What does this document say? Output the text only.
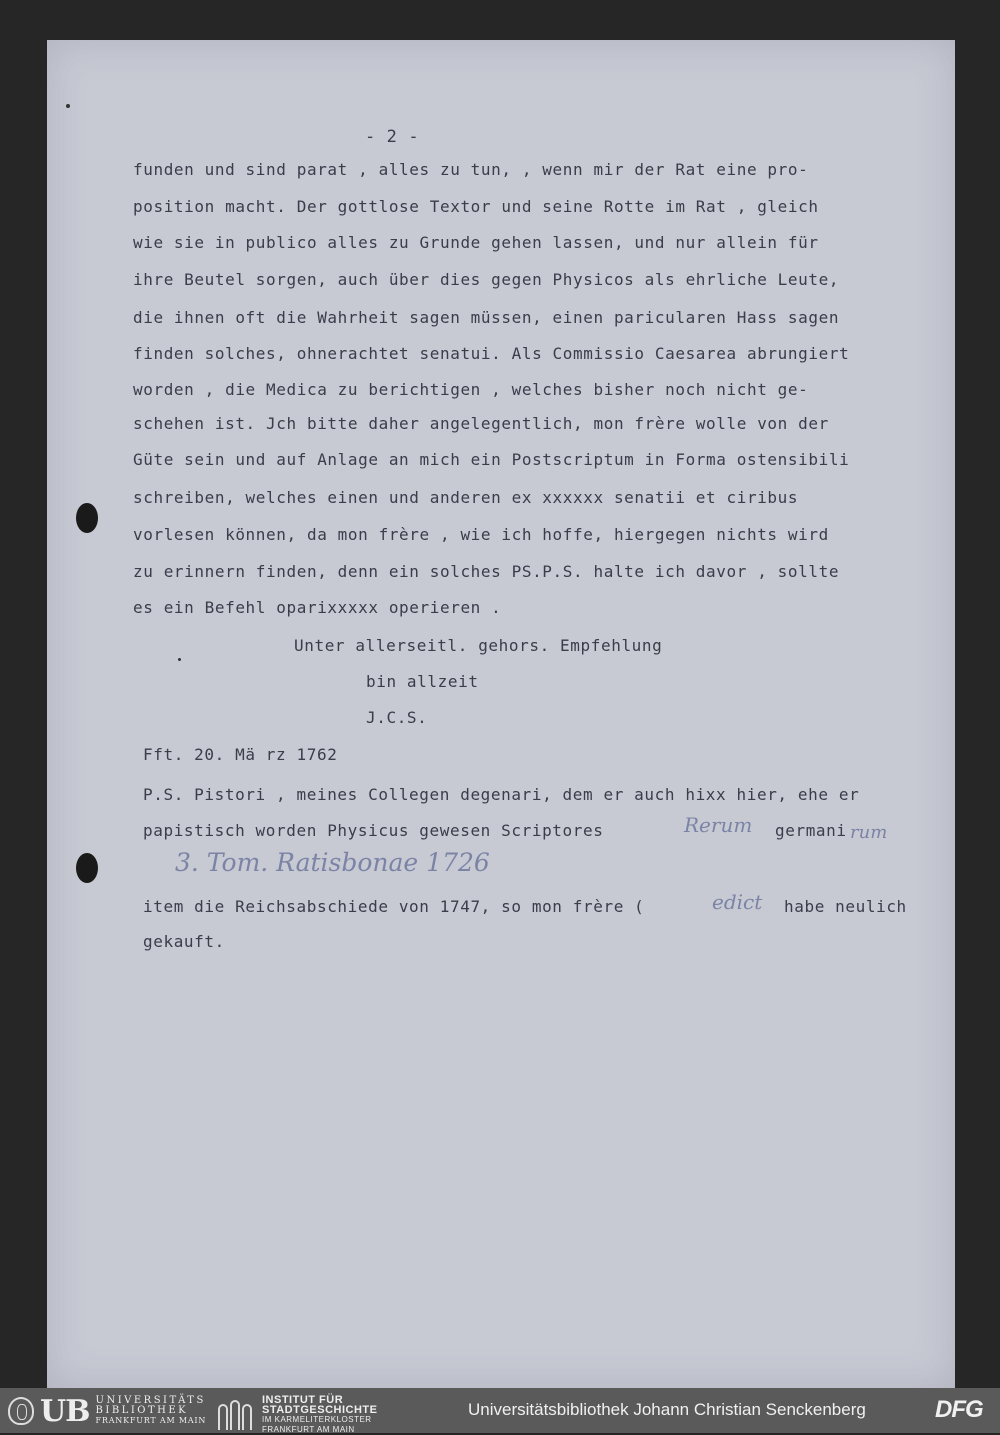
- 2 -
funden und sind parat , alles zu tun, , wenn mir der Rat eine pro-
position macht. Der gottlose Textor und seine Rotte im Rat , gleich
wie sie in publico alles zu Grunde gehen lassen, und nur allein für
ihre Beutel sorgen, auch über dies gegen Physicos als ehrliche Leute,
die ihnen oft die Wahrheit sagen müssen, einen paricularen Hass sagen
finden solches, ohnerachtet senatui. Als Commissio Caesarea abrungiert
worden , die Medica zu berichtigen , welches bisher noch nicht ge-
schehen ist. Jch bitte daher angelegentlich, mon frère wolle von der
Güte sein und auf Anlage an mich ein Postscriptum in Forma ostensibili
schreiben, welches einen und anderen ex xxxxxx senatii et ciribus
vorlesen können, da mon frère , wie ich hoffe, hiergegen nichts wird
zu erinnern finden, denn ein solches PS.P.S. halte ich davor , sollte
es ein Befehl oparixxxxx operieren .
Unter allerseitl. gehors. Empfehlung
bin allzeit
J.C.S.
Fft. 20. Mä rz 1762
P.S. Pistori , meines Collegen degenari, dem er auch hixx hier, ehe er
papistisch worden Physicus gewesen Scriptores	Rerum germani rum
3. Tom. Ratisbonae 1726
item die Reichsabschiede von 1747, so mon frère (	edict habe neulich
gekauft.
UB UNIVERSITÄTS
BIBLIOTHEK
FRANKFURT AM MAIN
INSTITUT FÜR
STADTGESCHICHTE
IM KARMELITERKLOSTER
FRANKFURT AM MAIN
Universitätsbibliothek Johann Christian Senckenberg	DFG
